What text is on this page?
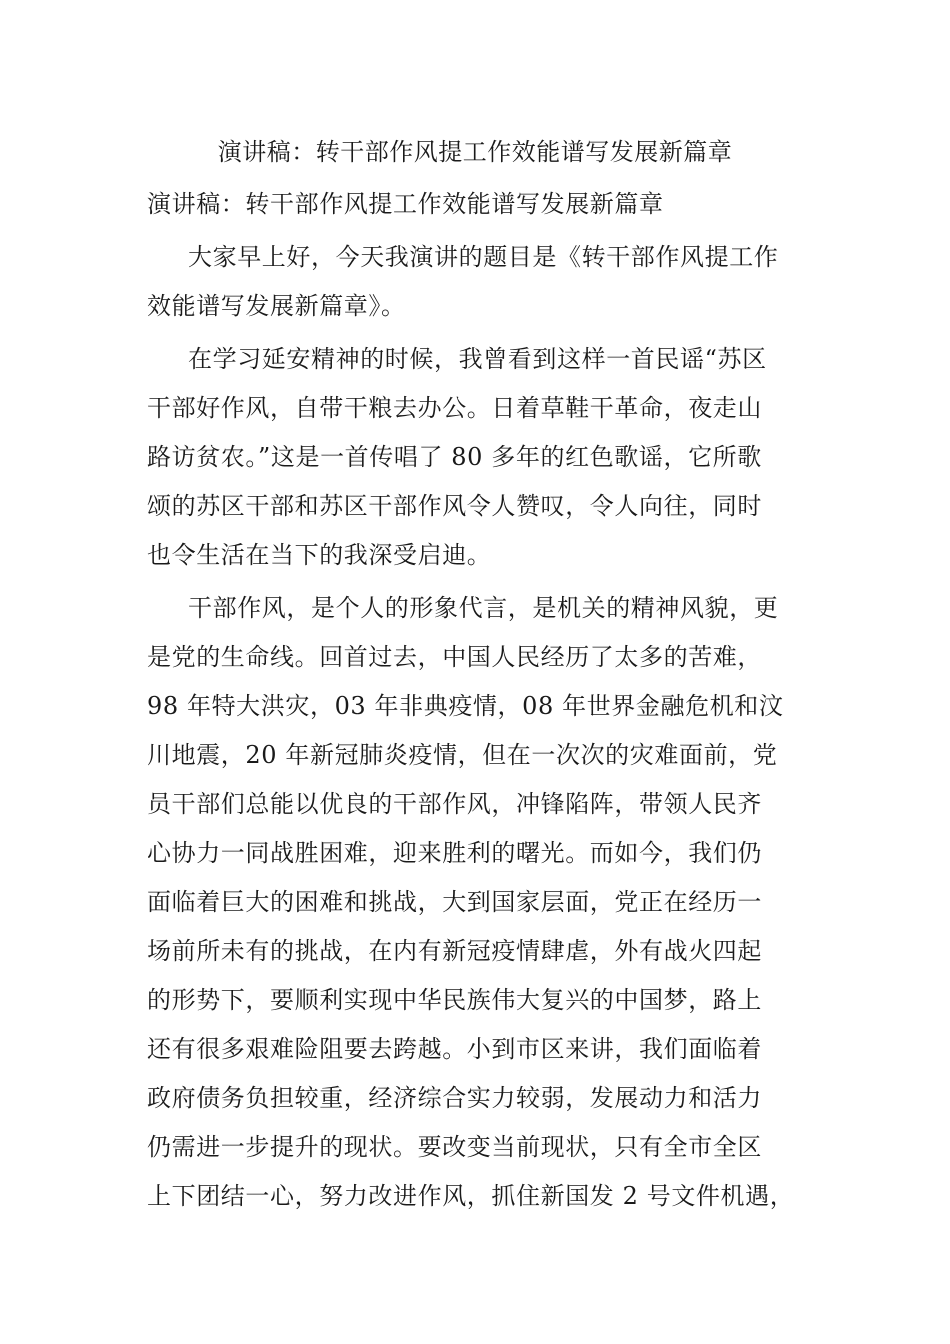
演讲稿：转干部作风提工作效能谱写发展新篇章
演讲稿：转干部作风提工作效能谱写发展新篇章
大家早上好，今天我演讲的题目是《转干部作风提工作
效能谱写发展新篇章》。
在学习延安精神的时候，我曾看到这样一首民谣“苏区
干部好作风，自带干粮去办公。日着草鞋干革命，夜走山
路访贫农。”这是一首传唱了 80 多年的红色歌谣，它所歌
颂的苏区干部和苏区干部作风令人赞叹，令人向往，同时
也令生活在当下的我深受启迪。
干部作风，是个人的形象代言，是机关的精神风貌，更
是党的生命线。回首过去，中国人民经历了太多的苦难，
98 年特大洪灾，03 年非典疫情，08 年世界金融危机和汶
川地震，20 年新冠肺炎疫情，但在一次次的灾难面前，党
员干部们总能以优良的干部作风，冲锋陷阵，带领人民齐
心协力一同战胜困难，迎来胜利的曙光。而如今，我们仍
面临着巨大的困难和挑战，大到国家层面，党正在经历一
场前所未有的挑战，在内有新冠疫情肆虐，外有战火四起
的形势下，要顺利实现中华民族伟大复兴的中国梦，路上
还有很多艰难险阻要去跨越。小到市区来讲，我们面临着
政府债务负担较重，经济综合实力较弱，发展动力和活力
仍需进一步提升的现状。要改变当前现状，只有全市全区
上下团结一心，努力改进作风，抓住新国发 2 号文件机遇，
